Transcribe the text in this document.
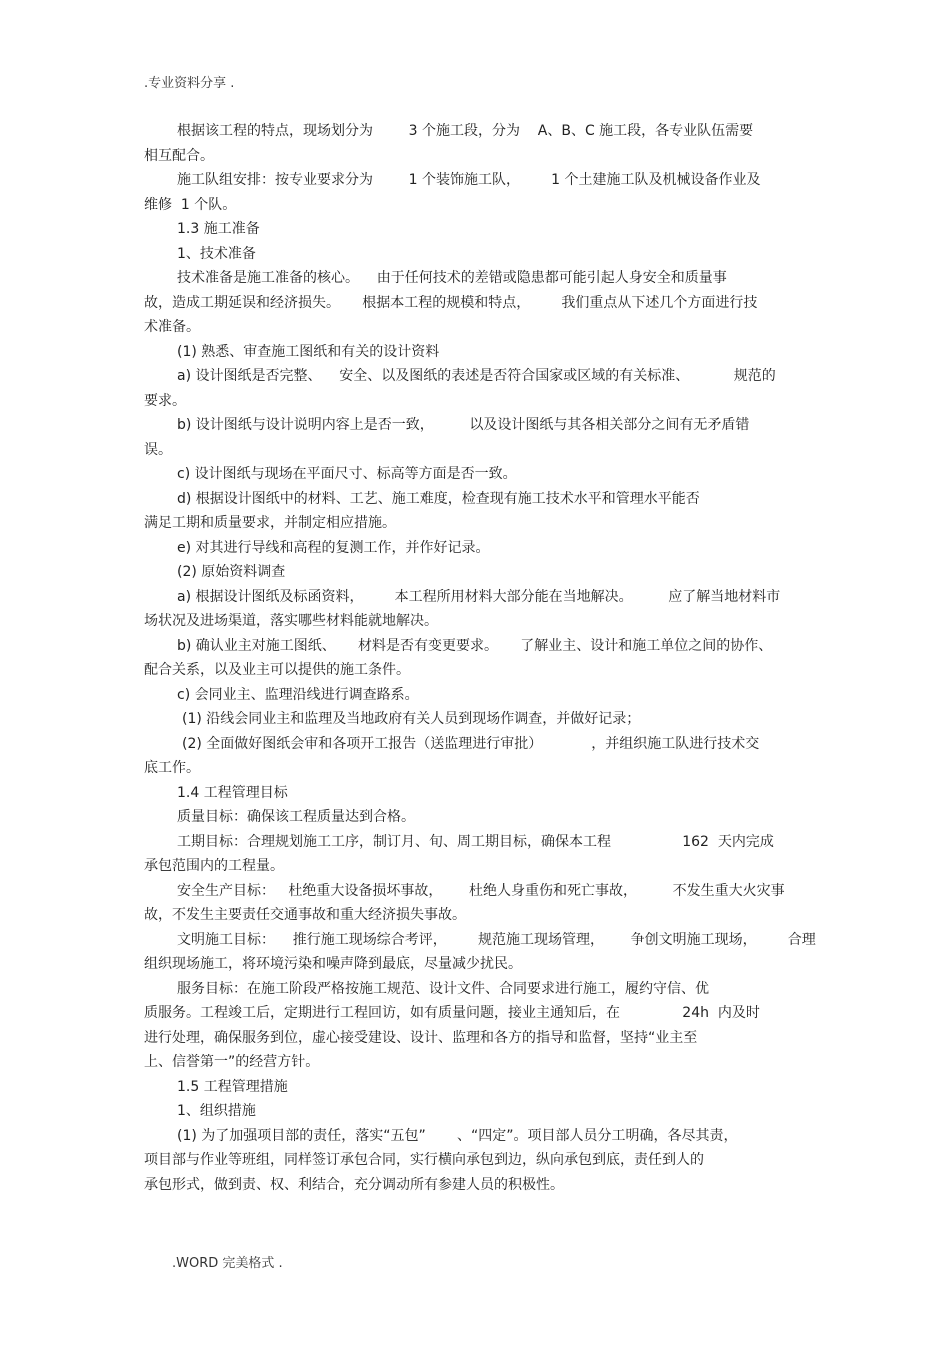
.专业资料分享 .

根据该工程的特点，现场划分为        3 个施工段，分为    A、B、C 施工段，各专业队伍需要

相互配合。

施工队组安排：按专业要求分为        1 个装饰施工队，       1 个土建施工队及机械设备作业及

维修  1 个队。

1.3 施工准备

1、技术准备

技术准备是施工准备的核心。    由于任何技术的差错或隐患都可能引起人身安全和质量事

故，造成工期延误和经济损失。     根据本工程的规模和特点，       我们重点从下述几个方面进行技

术准备。

(1) 熟悉、审查施工图纸和有关的设计资料

a) 设计图纸是否完整、    安全、以及图纸的表述是否符合国家或区域的有关标准、          规范的

要求。

b) 设计图纸与设计说明内容上是否一致，        以及设计图纸与其各相关部分之间有无矛盾错

误。

c) 设计图纸与现场在平面尺寸、标高等方面是否一致。

d) 根据设计图纸中的材料、工艺、施工难度，检查现有施工技术水平和管理水平能否

满足工期和质量要求，并制定相应措施。

e) 对其进行导线和高程的复测工作，并作好记录。

(2) 原始资料调查

a) 根据设计图纸及标函资料，       本工程所用材料大部分能在当地解决。        应了解当地材料市

场状况及进场渠道，落实哪些材料能就地解决。

b) 确认业主对施工图纸、     材料是否有变更要求。     了解业主、设计和施工单位之间的协作、

配合关系，以及业主可以提供的施工条件。

c) 会同业主、监理沿线进行调查路系。

(1) 沿线会同业主和监理及当地政府有关人员到现场作调查，并做好记录；

(2) 全面做好图纸会审和各项开工报告（送监理进行审批）           ，并组织施工队进行技术交

底工作。

1.4 工程管理目标

质量目标：确保该工程质量达到合格。

工期目标：合理规划施工工序，制订月、旬、周工期目标，确保本工程                162  天内完成

承包范围内的工程量。

安全生产目标：   杜绝重大设备损坏事故，      杜绝人身重伤和死亡事故，        不发生重大火灾事

故，不发生主要责任交通事故和重大经济损失事故。

文明施工目标：    推行施工现场综合考评，       规范施工现场管理，      争创文明施工现场，       合理

组织现场施工，将环境污染和噪声降到最底，尽量减少扰民。

服务目标：在施工阶段严格按施工规范、设计文件、合同要求进行施工，履约守信、优

质服务。工程竣工后，定期进行工程回访，如有质量问题，接业主通知后，在              24h  内及时

进行处理，确保服务到位，虚心接受建设、设计、监理和各方的指导和监督，坚持“业主至

上、信誉第一”的经营方针。

1.5 工程管理措施

1、组织措施

(1) 为了加强项目部的责任，落实“五包”       、“四定”。项目部人员分工明确，各尽其责，

项目部与作业等班组，同样签订承包合同，实行横向承包到边，纵向承包到底，责任到人的

承包形式，做到责、权、利结合，充分调动所有参建人员的积极性。

.WORD 完美格式 .
